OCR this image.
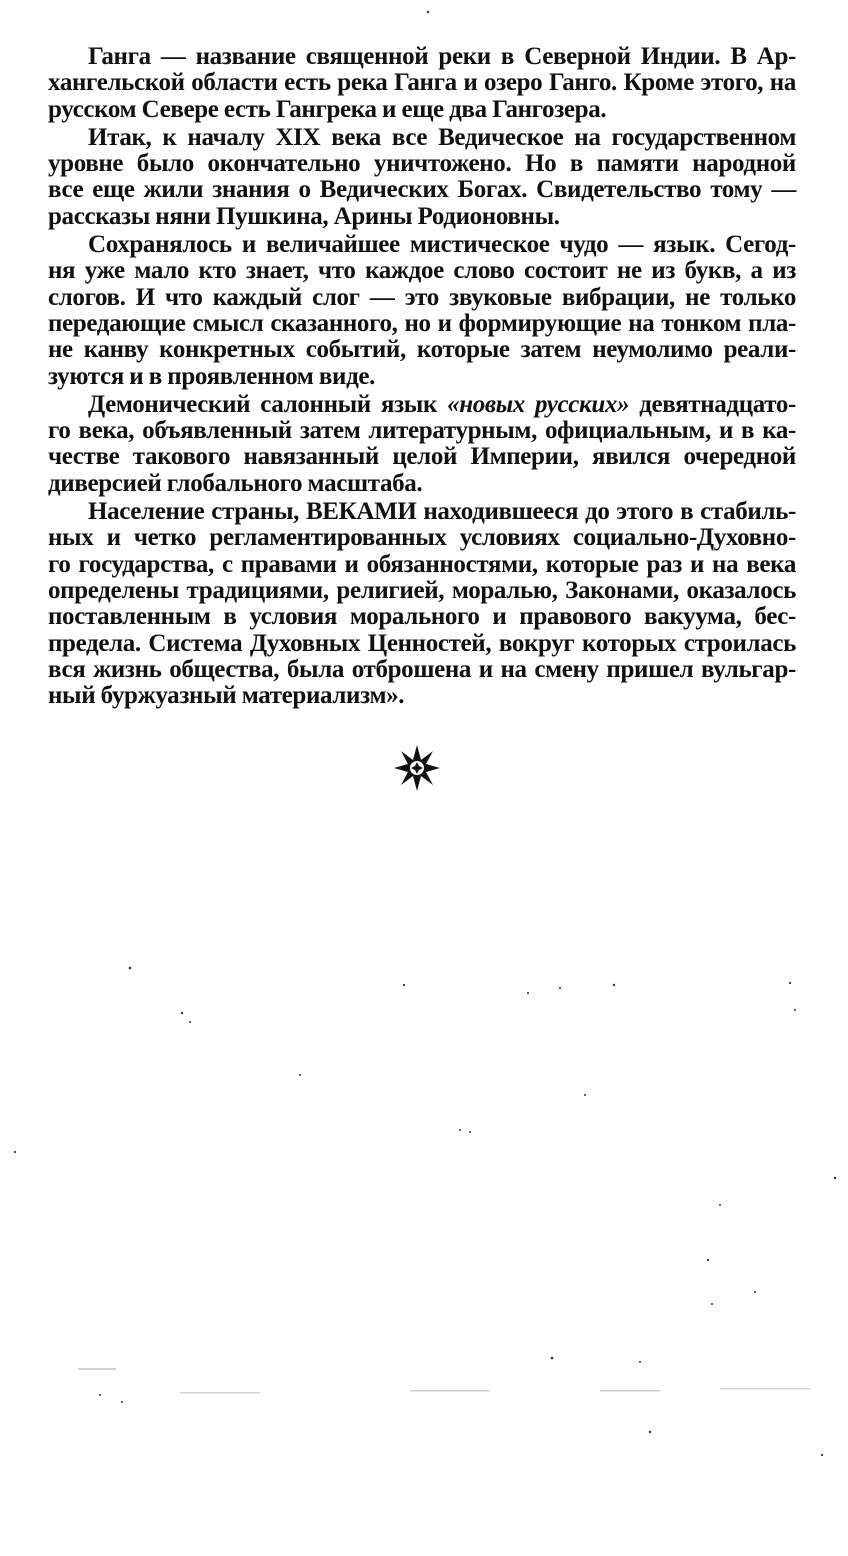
Ганга — название священной реки в Северной Индии. В Ар-
хангельской области есть река Ганга и озеро Ганго. Кроме этого, на
русском Севере есть Гангрека и еще два Гангозера.

Итак, к началу XIX века все Ведическое на государственном
уровне было окончательно уничтожено. Но в памяти народной
все еще жили знания о Ведических Богах. Свидетельство тому —
рассказы няни Пушкина, Арины Родионовны.

Сохранялось и величайшее мистическое чудо — язык. Сегод-
ня уже мало кто знает, что каждое слово состоит не из букв, а из
слогов. И что каждый слог — это звуковые вибрации, не только
передающие смысл сказанного, но и формирующие на тонком пла-
не канву конкретных событий, которые затем неумолимо реали-
зуются и в проявленном виде.

Демонический салонный язык «новых русских» девятнадцато-
го века, объявленный затем литературным, официальным, и в ка-
честве такового навязанный целой Империи, явился очередной
диверсией глобального масштаба.

Население страны, ВЕКАМИ находившееся до этого в стабиль-
ных и четко регламентированных условиях социально-Духовно-
го государства, с правами и обязанностями, которые раз и на века
определены традициями, религией, моралью, Законами, оказалось
поставленным в условия морального и правового вакуума, бес-
предела. Система Духовных Ценностей, вокруг которых строилась
вся жизнь общества, была отброшена и на смену пришел вульгар-
ный буржуазный материализм».
